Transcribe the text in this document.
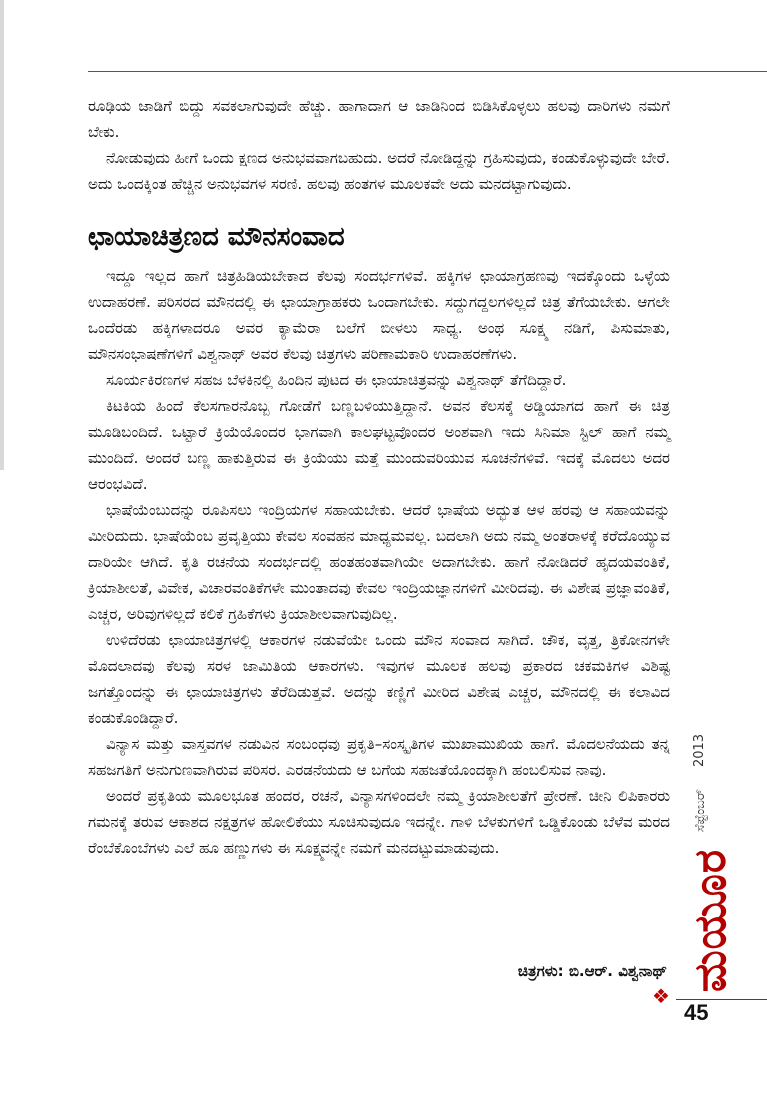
ರೂಢಿಯ ಜಾಡಿಗೆ ಬಿದ್ದು ಸವಕಲಾಗುವುದೇ ಹೆಚ್ಚು. ಹಾಗಾದಾಗ ಆ ಜಾಡಿನಿಂದ ಬಿಡಿಸಿಕೊಳ್ಳಲು ಹಲವು ದಾರಿಗಳು ನಮಗೆ ಬೇಕು.

ನೋಡುವುದು ಹೀಗೆ ಒಂದು ಕ್ಷಣದ ಅನುಭವವಾಗಬಹುದು. ಅದರೆ ನೋಡಿದ್ದನ್ನು ಗ್ರಹಿಸುವುದು, ಕಂಡುಕೊಳ್ಳುವುದೇ ಬೇರೆ. ಅದು ಒಂದಕ್ಕಿಂತ ಹೆಚ್ಚಿನ ಅನುಭವಗಳ ಸರಣಿ. ಹಲವು ಹಂತಗಳ ಮೂಲಕವೇ ಅದು ಮನದಟ್ಟಾಗುವುದು.

ಛಾಯಾಚಿತ್ರಣದ ಮೌನಸಂವಾದ

ಇದ್ದೂ ಇಲ್ಲದ ಹಾಗೆ ಚಿತ್ರಹಿಡಿಯಬೇಕಾದ ಕೆಲವು ಸಂದರ್ಭಗಳಿವೆ. ಹಕ್ಕಿಗಳ ಛಾಯಾಗ್ರಹಣವು ಇದಕ್ಕೊಂದು ಒಳ್ಳೆಯ ಉದಾಹರಣೆ. ಪರಿಸರದ ಮೌನದಲ್ಲಿ ಈ ಛಾಯಾಗ್ರಾಹಕರು ಒಂದಾಗಬೇಕು. ಸದ್ದುಗದ್ದಲಗಳಿಲ್ಲದೆ ಚಿತ್ರ ತೆಗೆಯಬೇಕು. ಆಗಲೇ ಒಂದೆರಡು ಹಕ್ಕಿಗಳಾದರೂ ಅವರ ಕ್ಯಾಮೆರಾ ಬಲೆಗೆ ಬೀಳಲು ಸಾಧ್ಯ. ಅಂಥ ಸೂಕ್ಷ್ಮ ನಡಿಗೆ, ಪಿಸುಮಾತು, ಮೌನಸಂಭಾಷಣೆಗಳಿಗೆ ವಿಶ್ವನಾಥ್ ಅವರ ಕೆಲವು ಚಿತ್ರಗಳು ಪರಿಣಾಮಕಾರಿ ಉದಾಹರಣೆಗಳು.

ಸೂರ್ಯಕಿರಣಗಳ ಸಹಜ ಬೆಳಕಿನಲ್ಲಿ ಹಿಂದಿನ ಪುಟದ ಈ ಛಾಯಾಚಿತ್ರವನ್ನು ವಿಶ್ವನಾಥ್ ತೆಗೆದಿದ್ದಾರೆ.

ಕಿಟಕಿಯ ಹಿಂದೆ ಕೆಲಸಗಾರನೊಬ್ಬ ಗೋಡೆಗೆ ಬಣ್ಣಬಳಿಯುತ್ತಿದ್ದಾನೆ. ಅವನ ಕೆಲಸಕ್ಕೆ ಅಡ್ಡಿಯಾಗದ ಹಾಗೆ ಈ ಚಿತ್ರ ಮೂಡಿಬಂದಿದೆ. ಒಟ್ಟಾರೆ ಕ್ರಿಯೆಯೊಂದರ ಭಾಗವಾಗಿ ಕಾಲಘಟ್ಟವೊಂದರ ಅಂಶವಾಗಿ ಇದು ಸಿನಿಮಾ ಸ್ಟಿಲ್ ಹಾಗೆ ನಮ್ಮ ಮುಂದಿದೆ. ಅಂದರೆ ಬಣ್ಣ ಹಾಕುತ್ತಿರುವ ಈ ಕ್ರಿಯೆಯು ಮತ್ತೆ ಮುಂದುವರಿಯುವ ಸೂಚನೆಗಳಿವೆ. ಇದಕ್ಕೆ ಮೊದಲು ಅದರ ಆರಂಭವಿದೆ.

ಭಾಷೆಯೆಂಬುದನ್ನು ರೂಪಿಸಲು ಇಂದ್ರಿಯಗಳ ಸಹಾಯಬೇಕು. ಆದರೆ ಭಾಷೆಯ ಅದ್ಭುತ ಆಳ ಹರವು ಆ ಸಹಾಯವನ್ನು ಮೀರಿದುದು. ಭಾಷೆಯೆಂಬ ಪ್ರವೃತ್ತಿಯು ಕೇವಲ ಸಂವಹನ ಮಾಧ್ಯಮವಲ್ಲ. ಬದಲಾಗಿ ಅದು ನಮ್ಮ ಅಂತರಾಳಕ್ಕೆ ಕರೆದೊಯ್ಯುವ ದಾರಿಯೇ ಆಗಿದೆ. ಕೃತಿ ರಚನೆಯ ಸಂದರ್ಭದಲ್ಲಿ ಹಂತಹಂತವಾಗಿಯೇ ಅದಾಗಬೇಕು. ಹಾಗೆ ನೋಡಿದರೆ ಹೃದಯವಂತಿಕೆ, ಕ್ರಿಯಾಶೀಲತೆ, ವಿವೇಕ, ವಿಚಾರವಂತಿಕೆಗಳೇ ಮುಂತಾದವು ಕೇವಲ ಇಂದ್ರಿಯಜ್ಞಾನಗಳಿಗೆ ಮೀರಿದವು. ಈ ವಿಶೇಷ ಪ್ರಜ್ಞಾವಂತಿಕೆ, ಎಚ್ಚರ, ಅರಿವುಗಳಿಲ್ಲದೆ ಕಲಿಕೆ ಗ್ರಹಿಕೆಗಳು ಕ್ರಿಯಾಶೀಲವಾಗುವುದಿಲ್ಲ.

ಉಳಿದೆರಡು ಛಾಯಾಚಿತ್ರಗಳಲ್ಲಿ ಆಕಾರಗಳ ನಡುವೆಯೇ ಒಂದು ಮೌನ ಸಂವಾದ ಸಾಗಿದೆ. ಚೌಕ, ವೃತ್ತ, ತ್ರಿಕೋನಗಳೇ ಮೊದಲಾದವು ಕೆಲವು ಸರಳ ಜಾಮಿತಿಯ ಆಕಾರಗಳು. ಇವುಗಳ ಮೂಲಕ ಹಲವು ಪ್ರಕಾರದ ಚಕಮಕಿಗಳ ವಿಶಿಷ್ಟ ಜಗತ್ತೊಂದನ್ನು ಈ ಛಾಯಾಚಿತ್ರಗಳು ತೆರೆದಿಡುತ್ತವೆ. ಅದನ್ನು ಕಣ್ಣಿಗೆ ಮೀರಿದ ವಿಶೇಷ ಎಚ್ಚರ, ಮೌನದಲ್ಲಿ ಈ ಕಲಾವಿದ ಕಂಡುಕೊಂಡಿದ್ದಾರೆ.

ವಿನ್ಯಾಸ ಮತ್ತು ವಾಸ್ತವಗಳ ನಡುವಿನ ಸಂಬಂಧವು ಪ್ರಕೃತಿ–ಸಂಸ್ಕೃತಿಗಳ ಮುಖಾಮುಖಿಯ ಹಾಗೆ. ಮೊದಲನೆಯದು ತನ್ನ ಸಹಜಗತಿಗೆ ಅನುಗುಣವಾಗಿರುವ ಪರಿಸರ. ಎರಡನೆಯದು ಆ ಬಗೆಯ ಸಹಜತೆಯೊಂದಕ್ಕಾಗಿ ಹಂಬಲಿಸುವ ನಾವು.

ಅಂದರೆ ಪ್ರಕೃತಿಯ ಮೂಲಭೂತ ಹಂದರ, ರಚನೆ, ವಿನ್ಯಾಸಗಳಿಂದಲೇ ನಮ್ಮ ಕ್ರಿಯಾಶೀಲತೆಗೆ ಪ್ರೇರಣೆ. ಚೀನಿ ಲಿಪಿಕಾರರು ಗಮನಕ್ಕೆ ತರುವ ಆಕಾಶದ ನಕ್ಷತ್ರಗಳ ಹೋಲಿಕೆಯು ಸೂಚಿಸುವುದೂ ಇದನ್ನೇ. ಗಾಳಿ ಬೆಳಕುಗಳಿಗೆ ಒಡ್ಡಿಕೊಂಡು ಬೆಳೆವ ಮರದ ರೆಂಬೆಕೊಂಬೆಗಳು ಎಲೆ ಹೂ ಹಣ್ಣುಗಳು ಈ ಸೂಕ್ಷ್ಮವನ್ನೇ ನಮಗೆ ಮನದಟ್ಟುಮಾಡುವುದು.

ಚಿತ್ರಗಳು: ಬಿ.ಆರ್. ವಿಶ್ವನಾಥ್
2013
ಸೆಪ್ಟೆಂಬರ್
ಮಯೂರ
❖
45
